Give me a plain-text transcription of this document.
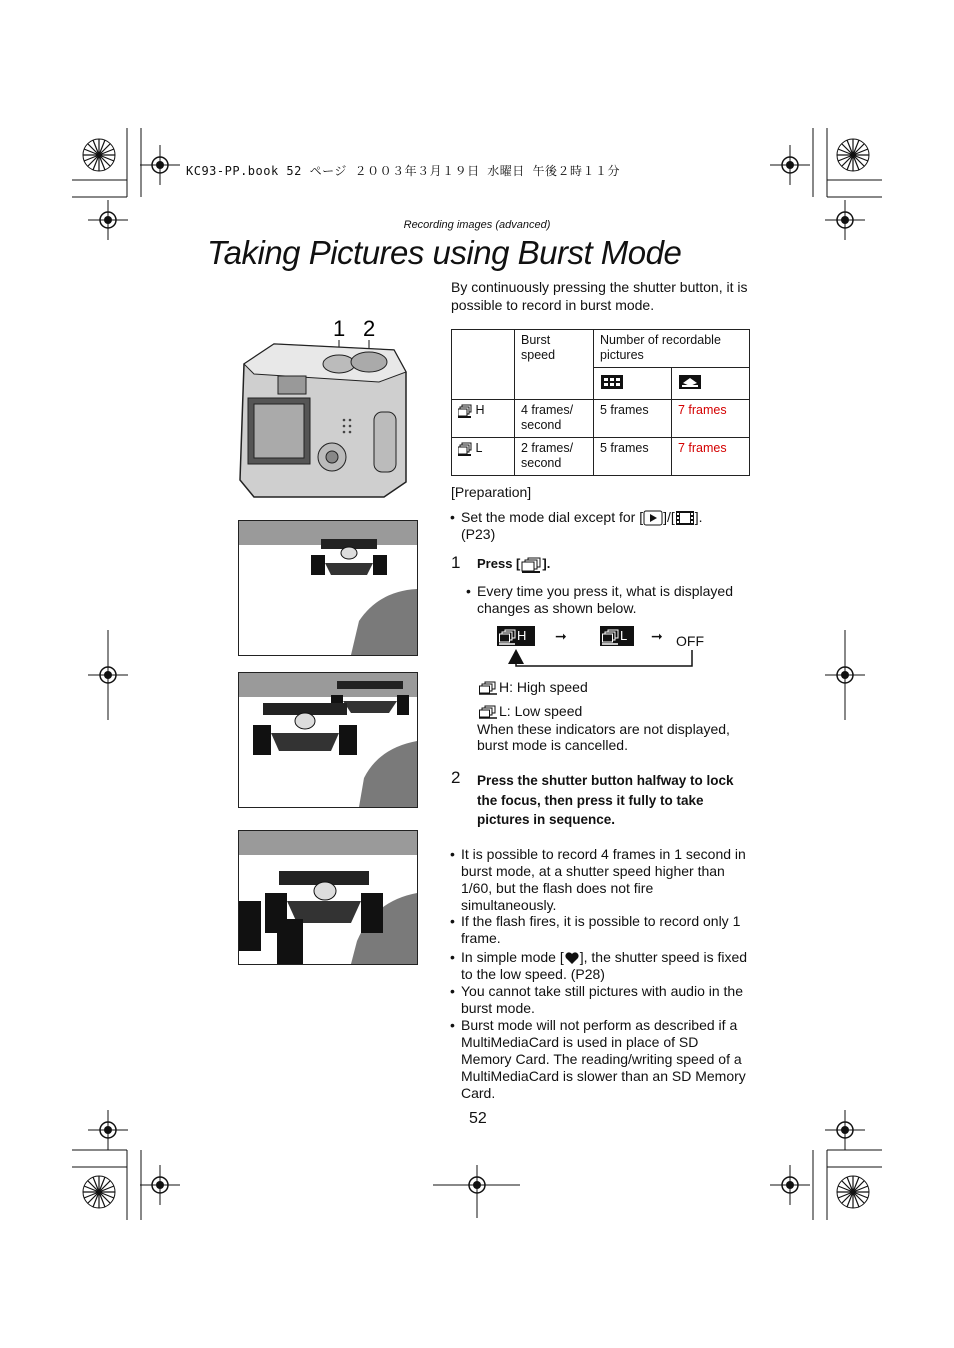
KC93-PP.book 52 ページ ２００３年３月１９日 水曜日 午後２時１１分
Recording images (advanced)
Taking Pictures using Burst Mode
1 2
By continuously pressing the shutter button, it is possible to record in burst mode.
	Burst speed	Number of recordable pictures	

H	4 frames/ second	5 frames	7 frames
L	2 frames/ second	5 frames	7 frames
[Preparation]
• Set the mode dial except for [ ]/[ ].
(P23)
1 Press [ ].
• Every time you press it, what is displayed changes as shown below.
H	➞	L	➞ OFF
H: High speed
L: Low speed
When these indicators are not displayed, burst mode is cancelled.
2 Press the shutter button halfway to lock the focus, then press it fully to take pictures in sequence.
• It is possible to record 4 frames in 1 second in burst mode, at a shutter speed higher than 1/60, but the flash does not fire simultaneously.
• If the flash fires, it is possible to record only 1 frame.
• In simple mode [ ], the shutter speed is fixed to the low speed. (P28)
• You cannot take still pictures with audio in the burst mode.
• Burst mode will not perform as described if a MultiMediaCard is used in place of SD Memory Card. The reading/writing speed of a MultiMediaCard is slower than an SD Memory Card.
52
